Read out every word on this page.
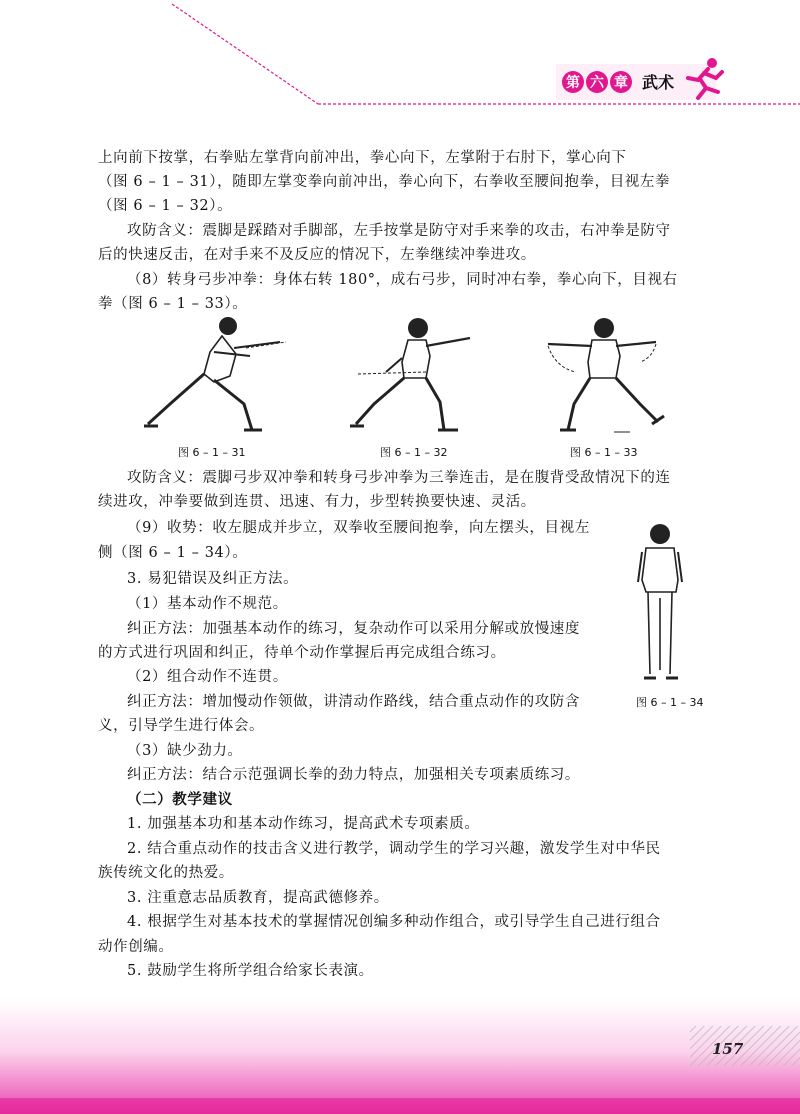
第 六 章 武术
上向前下按掌，右拳贴左掌背向前冲出，拳心向下，左掌附于右肘下，掌心向下
（图 6 – 1 – 31），随即左掌变拳向前冲出，拳心向下，右拳收至腰间抱拳，目视左拳
（图 6 – 1 – 32）。
攻防含义：震脚是踩踏对手脚部，左手按掌是防守对手来拳的攻击，右冲拳是防守
后的快速反击，在对手来不及反应的情况下，左拳继续冲拳进攻。
（8）转身弓步冲拳：身体右转 180°，成右弓步，同时冲右拳，拳心向下，目视右
拳（图 6 – 1 – 33）。
图 6 – 1 – 31	图 6 – 1 – 32	图 6 – 1 – 33
攻防含义：震脚弓步双冲拳和转身弓步冲拳为三拳连击，是在腹背受敌情况下的连
续进攻，冲拳要做到连贯、迅速、有力，步型转换要快速、灵活。
（9）收势：收左腿成并步立，双拳收至腰间抱拳，向左摆头，目视左
侧（图 6 – 1 – 34）。
3. 易犯错误及纠正方法。
（1）基本动作不规范。
纠正方法：加强基本动作的练习，复杂动作可以采用分解或放慢速度
的方式进行巩固和纠正，待单个动作掌握后再完成组合练习。
（2）组合动作不连贯。
纠正方法：增加慢动作领做，讲清动作路线，结合重点动作的攻防含
义，引导学生进行体会。
图 6 – 1 – 34
（3）缺少劲力。
纠正方法：结合示范强调长拳的劲力特点，加强相关专项素质练习。
（二）教学建议
1. 加强基本功和基本动作练习，提高武术专项素质。
2. 结合重点动作的技击含义进行教学，调动学生的学习兴趣，激发学生对中华民
族传统文化的热爱。
3. 注重意志品质教育，提高武德修养。
4. 根据学生对基本技术的掌握情况创编多种动作组合，或引导学生自己进行组合
动作创编。
5. 鼓励学生将所学组合给家长表演。
157
